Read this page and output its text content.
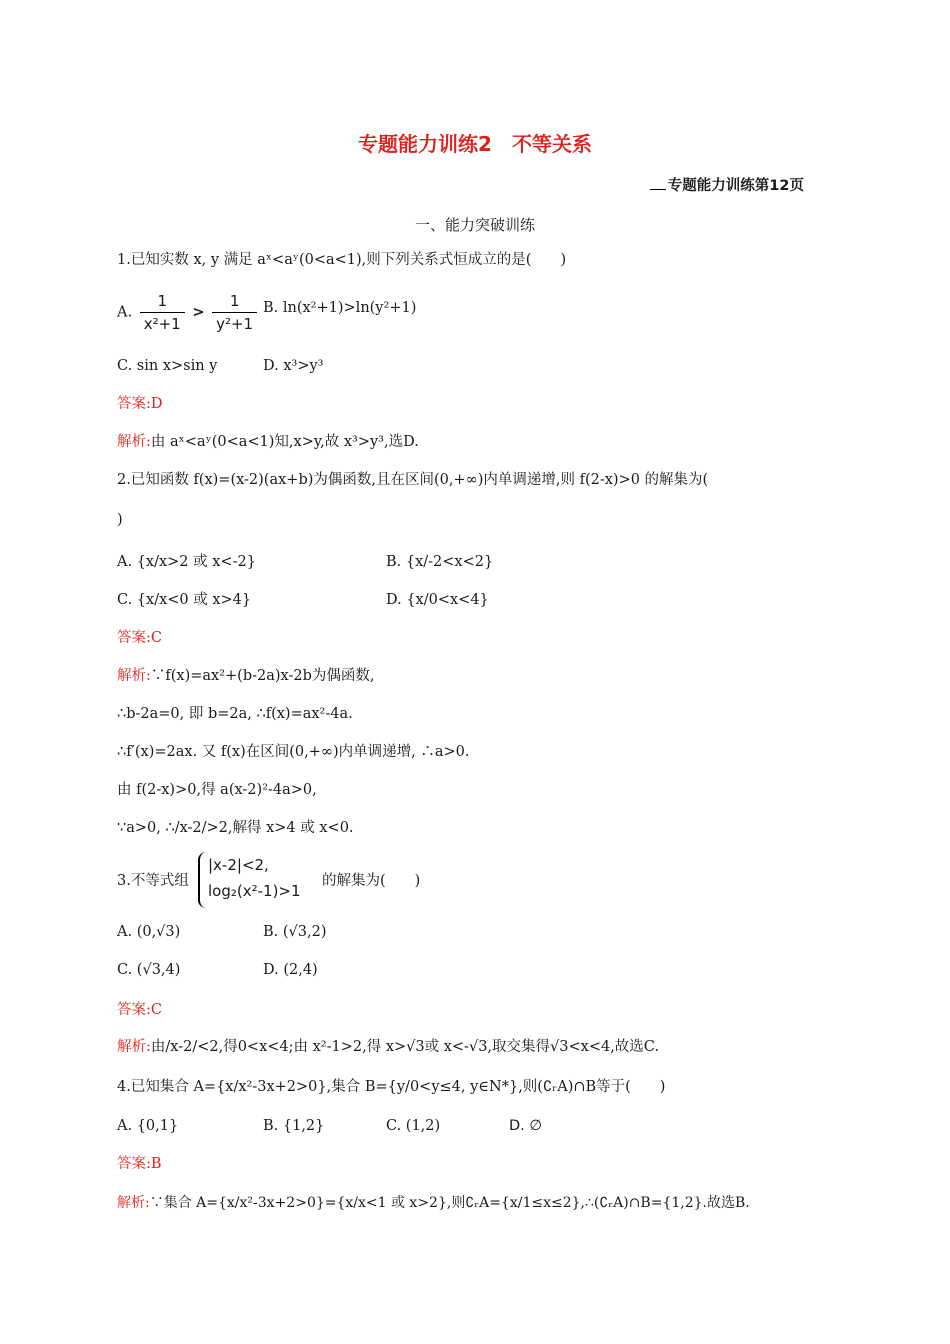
专题能力训练2　不等关系
专题能力训练第12页
一、能力突破训练
1.已知实数 x, y 满足 aˣ<aʸ(0<a<1),则下列关系式恒成立的是(　　)
A. $\frac{1}{\text{x²+1}} > \frac{1}{\text{y²+1}} B$. ln(x²+1)>ln(y²+1)
C. sin x>sin y	D. x³>y³
答案:D
解析:由 aˣ<aʸ(0<a<1)知,x>y,故 x³>y³,选D.
2.已知函数 f(x)=(x-2)(ax+b)为偶函数,且在区间(0,+∞)内单调递增,则 f(2-x)>0 的解集为(
)
A. {x/x>2 或 x<-2}	B. {x/-2<x<2}
C. {x/x<0 或 x>4}	D. {x/0<x<4}
答案:C
解析:∵f(x)=ax²+(b-2a)x-2b为偶函数,
∴b-2a=0, 即 b=2a, ∴f(x)=ax²-4a.
∴f′(x)=2ax. 又 f(x)在区间(0,+∞)内单调递增, ∴a>0.
由 f(2-x)>0,得 a(x-2)²-4a>0,
∵a>0, ∴/x-2/>2,解得 x>4 或 x<0.
3.不等式组
|x-2|<2,
log₂(x²-1)>1
的解集为(　　)
A. (0,√3)	B. (√3,2)
C. (√3,4)	D. (2,4)
答案:C
解析:由/x-2/<2,得0<x<4;由 x²-1>2,得 x>√3或 x<-√3,取交集得√3<x<4,故选C.
4.已知集合 A={x/x²-3x+2>0},集合 B={y/0<y≤4, y∈N*},则(∁ᵣA)∩B等于(　　)
A. {0,1}	B. {1,2}	C. (1,2)	D. ∅
答案:B
解析:∵集合 A={x/x²-3x+2>0}={x/x<1 或 x>2},则∁ᵣA={x/1≤x≤2},∴(∁ᵣA)∩B={1,2}.故选B.
